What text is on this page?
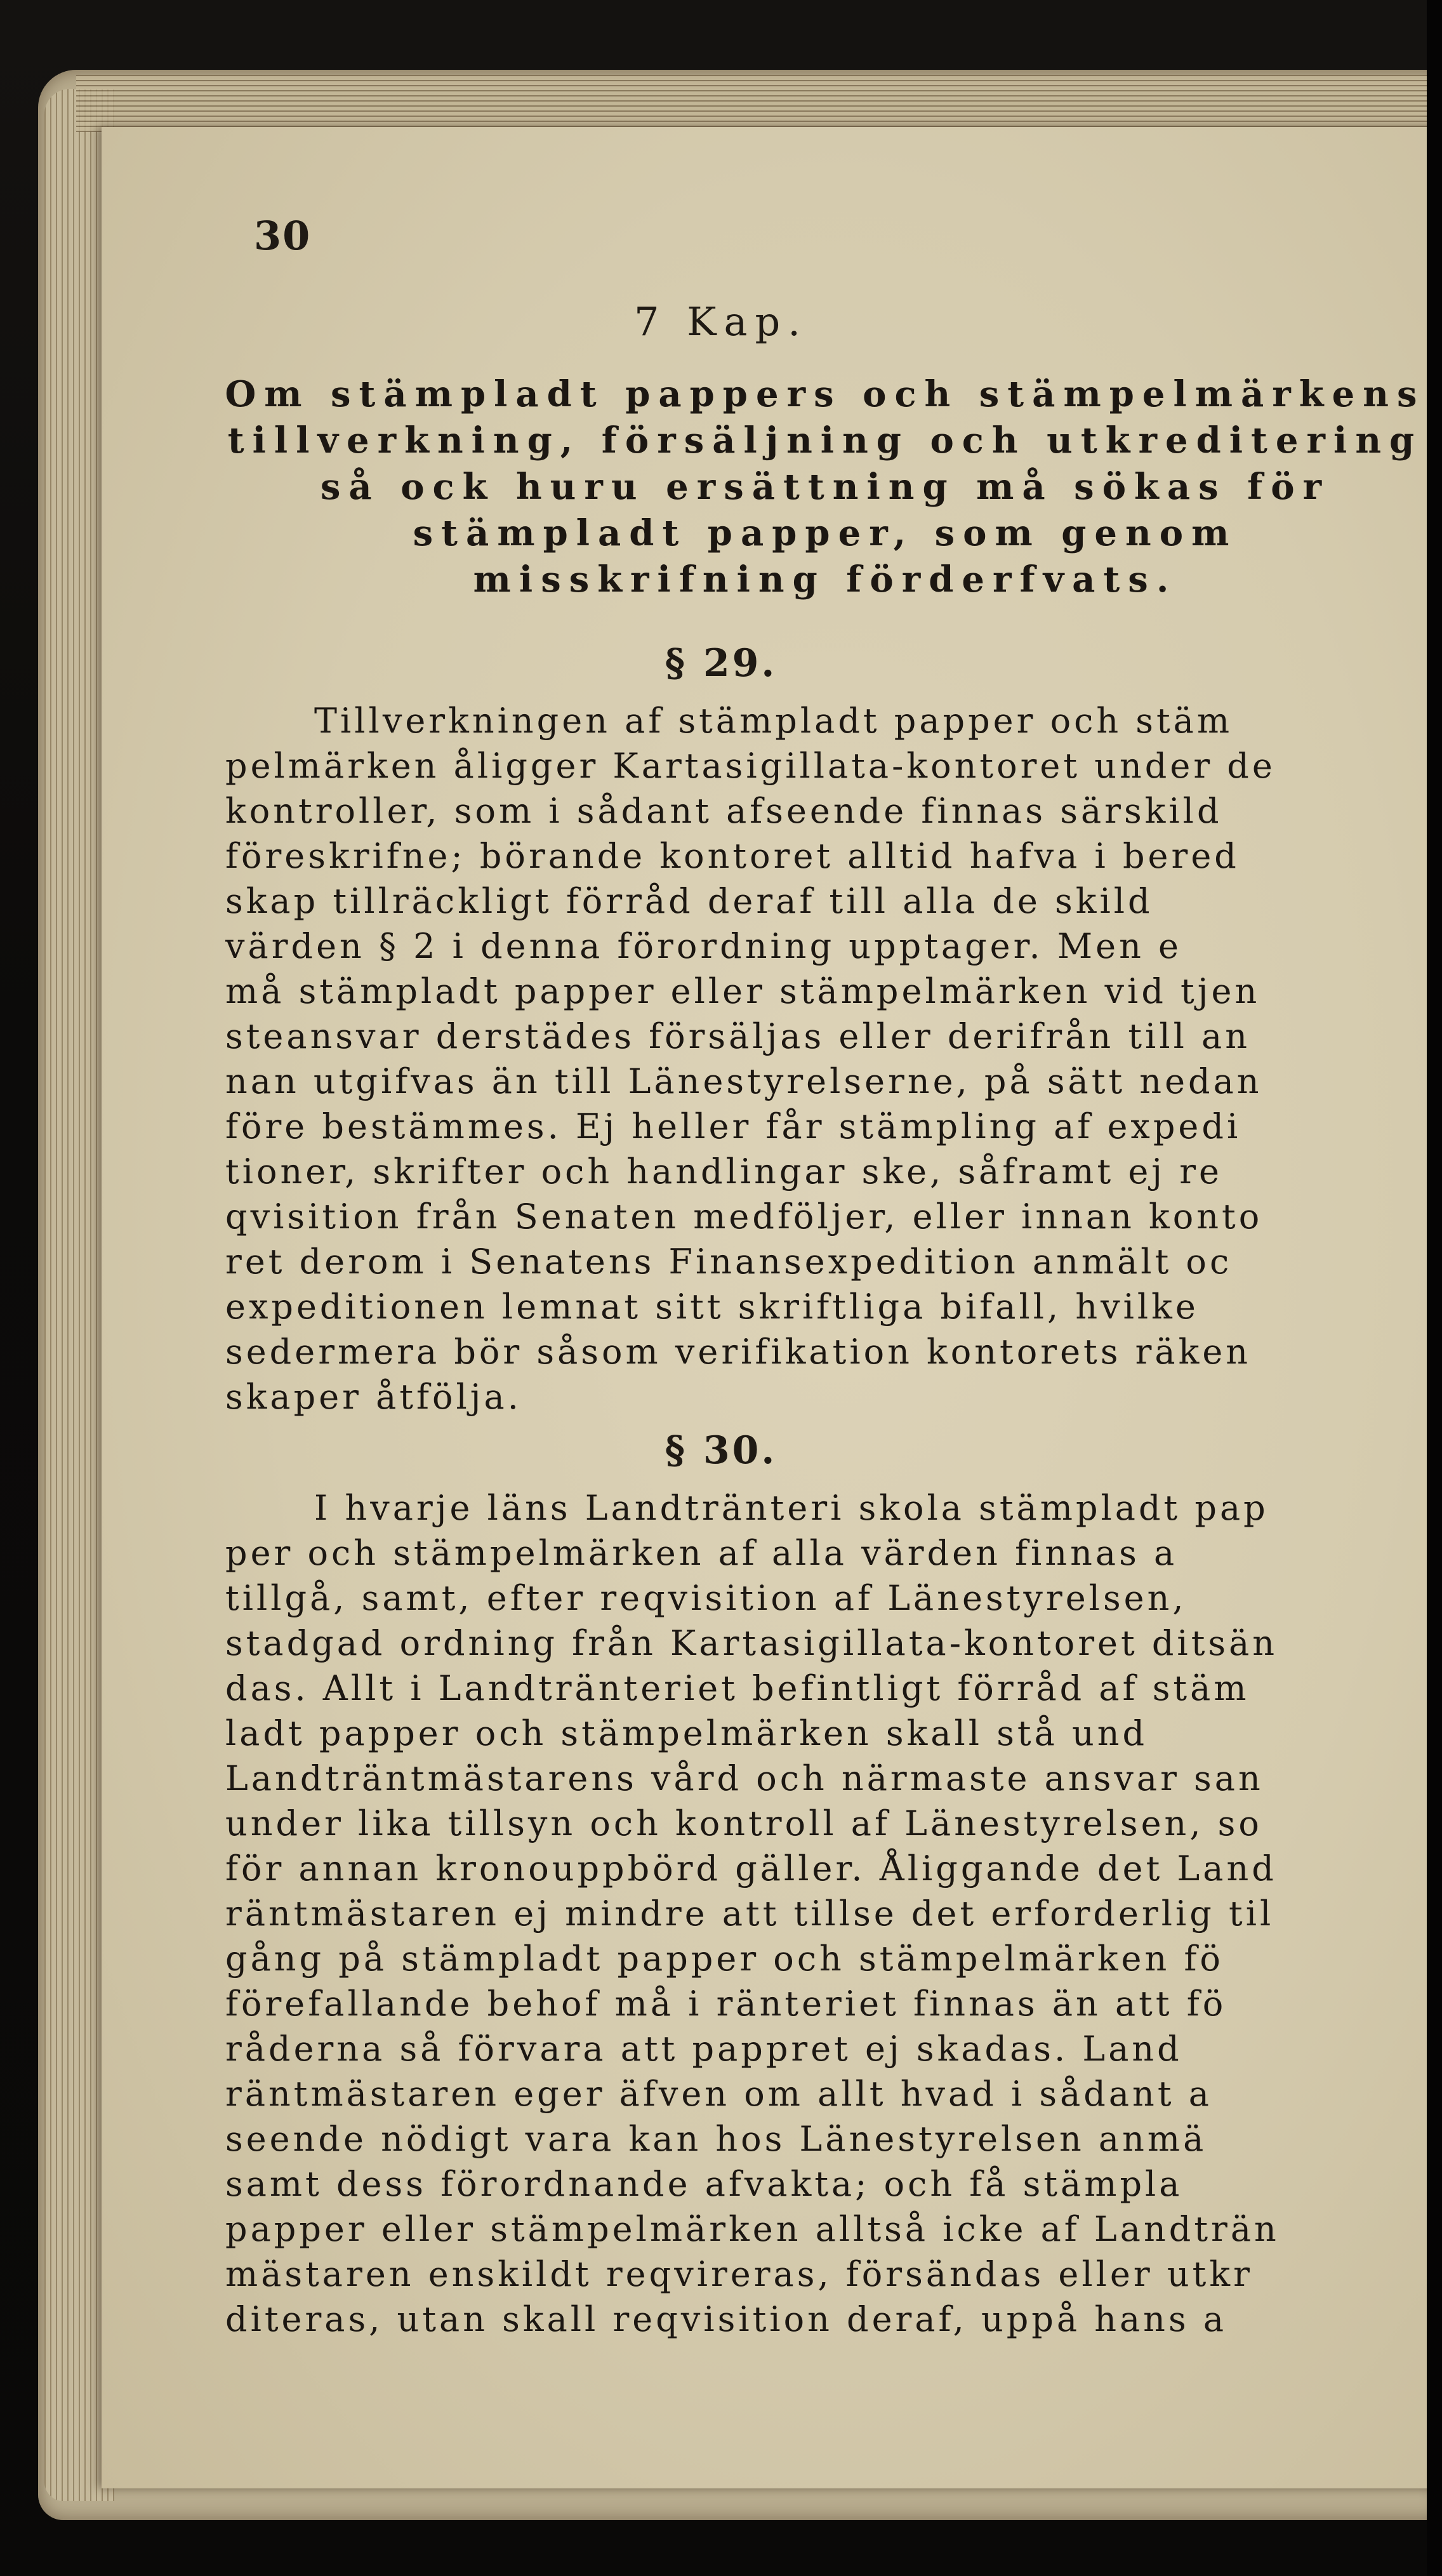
30
7 Kap.
Om stämpladt pappers och stämpelmärkens
tillverkning, försäljning och utkreditering
så ock huru ersättning må sökas för
stämpladt papper, som genom
misskrifning förderfvats.
§ 29.
Tillverkningen af stämpladt papper och stäm
pelmärken åligger Kartasigillata-kontoret under de
kontroller, som i sådant afseende finnas särskild
föreskrifne; börande kontoret alltid hafva i bered
skap tillräckligt förråd deraf till alla de skild
värden § 2 i denna förordning upptager. Men e
må stämpladt papper eller stämpelmärken vid tjen
steansvar derstädes försäljas eller derifrån till an
nan utgifvas än till Länestyrelserne, på sätt nedan
före bestämmes. Ej heller får stämpling af expedi
tioner, skrifter och handlingar ske, såframt ej re
qvisition från Senaten medföljer, eller innan konto
ret derom i Senatens Finansexpedition anmält oc
expeditionen lemnat sitt skriftliga bifall, hvilke
sedermera bör såsom verifikation kontorets räken
skaper åtfölja.
§ 30.
I hvarje läns Landtränteri skola stämpladt pap
per och stämpelmärken af alla värden finnas a
tillgå, samt, efter reqvisition af Länestyrelsen,
stadgad ordning från Kartasigillata-kontoret ditsän
das. Allt i Landtränteriet befintligt förråd af stäm
ladt papper och stämpelmärken skall stå und
Landträntmästarens vård och närmaste ansvar san
under lika tillsyn och kontroll af Länestyrelsen, so
för annan kronouppbörd gäller. Åliggande det Land
räntmästaren ej mindre att tillse det erforderlig til
gång på stämpladt papper och stämpelmärken fö
förefallande behof må i ränteriet finnas än att fö
råderna så förvara att pappret ej skadas. Land
räntmästaren eger äfven om allt hvad i sådant a
seende nödigt vara kan hos Länestyrelsen anmä
samt dess förordnande afvakta; och få stämpla
papper eller stämpelmärken alltså icke af Landträn
mästaren enskildt reqvireras, försändas eller utkr
diteras, utan skall reqvisition deraf, uppå hans a
